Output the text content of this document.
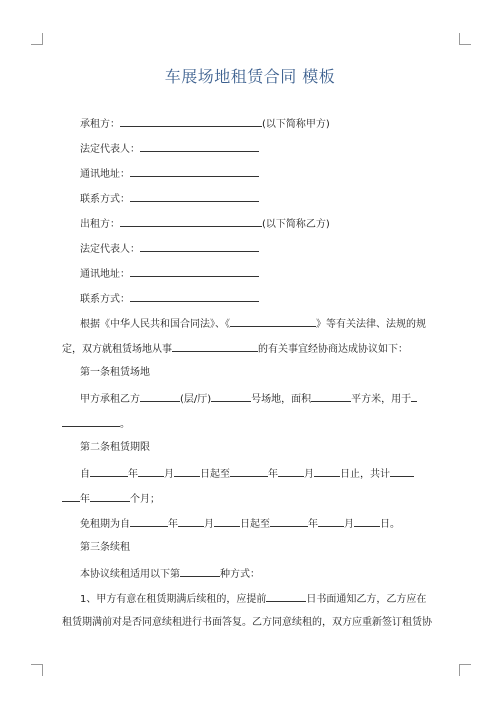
车展场地租赁合同 模板
承租方：	(以下简称甲方)
法定代表人：
通讯地址：
联系方式：
出租方：	(以下简称乙方)
法定代表人：
通讯地址：
联系方式：
根据《中华人民共和国合同法》、《	》等有关法律、法规的规
定，双方就租赁场地从事	的有关事宜经协商达成协议如下：
第一条租赁场地
甲方承租乙方	(层/厅)	号场地，面积	平方米，用于
。
第二条租赁期限
自	年	月	日起至	年	月	日止，共计
年	个月；
免租期为自	年	月	日起至	年	月	日。
第三条续租
本协议续租适用以下第	种方式：
1、甲方有意在租赁期满后续租的，应提前	日书面通知乙方，乙方应在
租赁期满前对是否同意续租进行书面答复。乙方同意续租的，双方应重新签订租赁协
